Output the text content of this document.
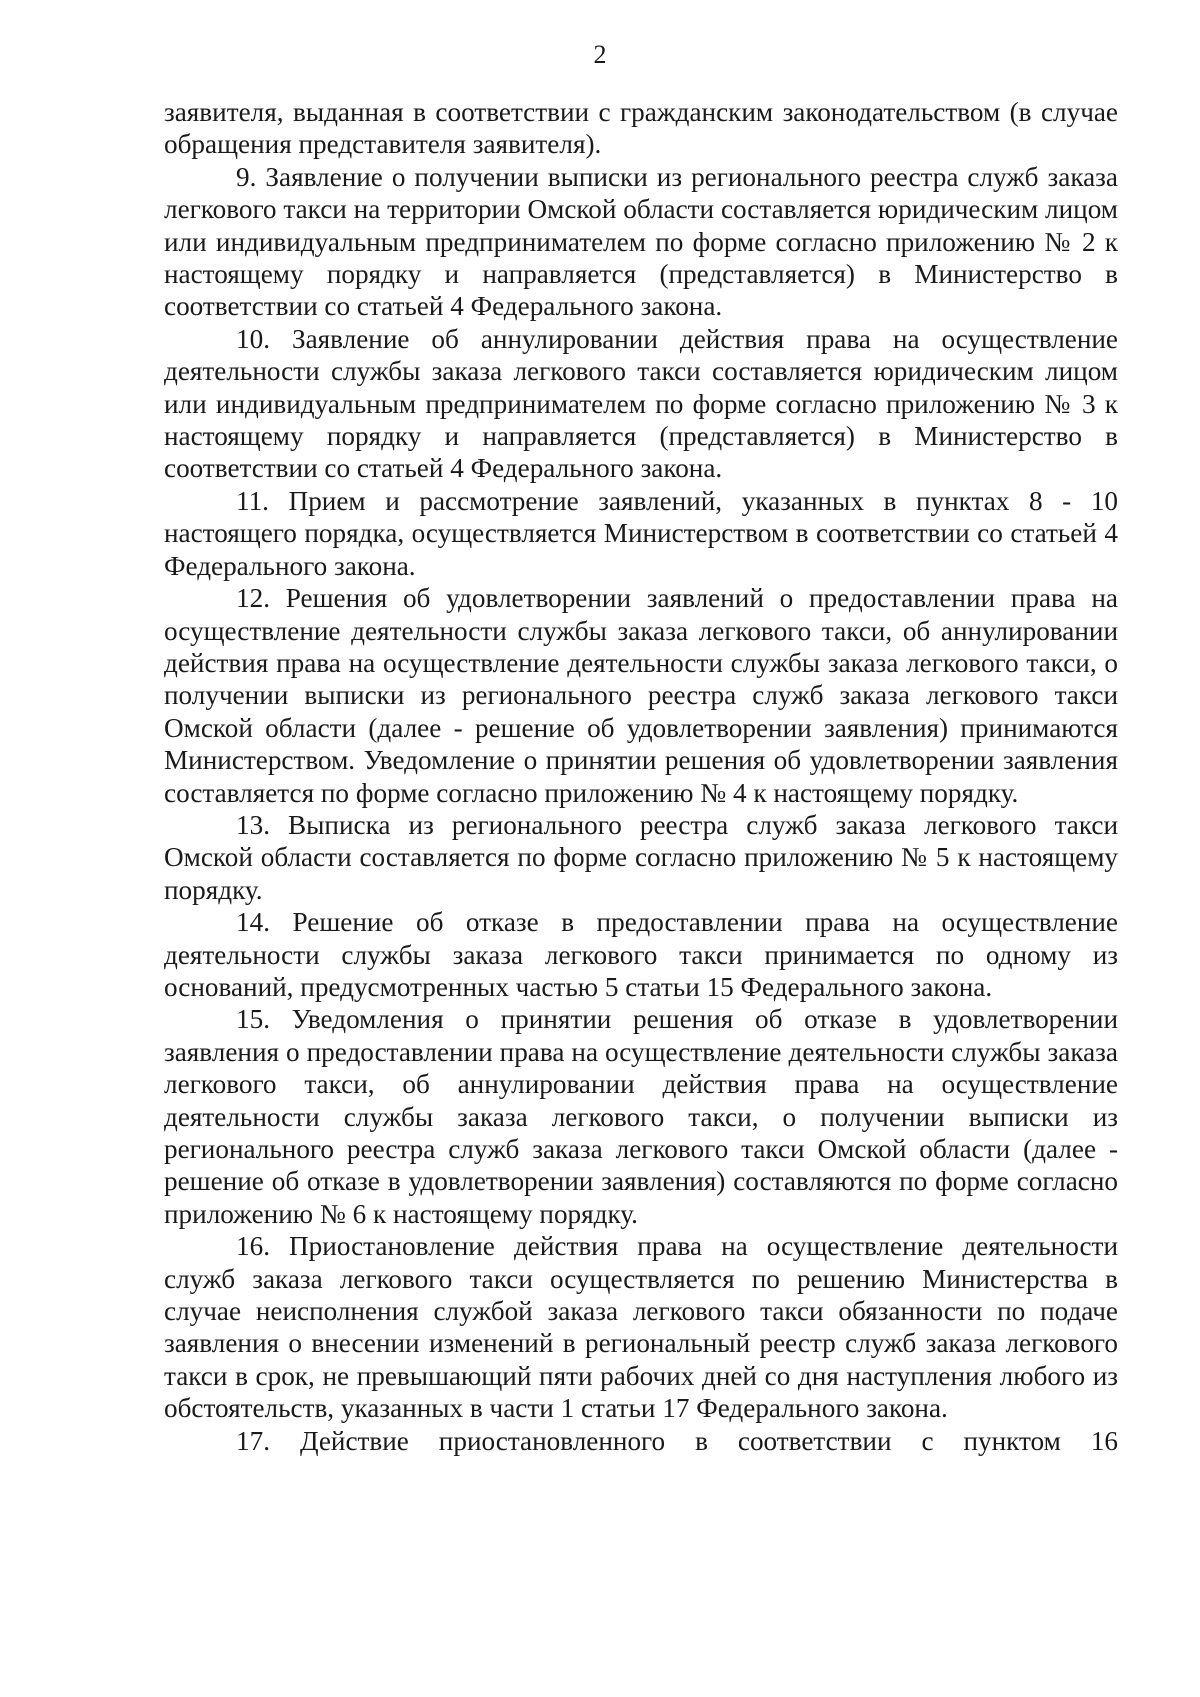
2

заявителя, выданная в соответствии с гражданским законодательством (в случае обращения представителя заявителя).

9. Заявление о получении выписки из регионального реестра служб заказа легкового такси на территории Омской области составляется юридическим лицом или индивидуальным предпринимателем по форме согласно приложению № 2 к настоящему порядку и направляется (представляется) в Министерство в соответствии со статьей 4 Федерального закона.

10. Заявление об аннулировании действия права на осуществление деятельности службы заказа легкового такси составляется юридическим лицом или индивидуальным предпринимателем по форме согласно приложению № 3 к настоящему порядку и направляется (представляется) в Министерство в соответствии со статьей 4 Федерального закона.

11. Прием и рассмотрение заявлений, указанных в пунктах 8 - 10 настоящего порядка, осуществляется Министерством в соответствии со статьей 4 Федерального закона.

12. Решения об удовлетворении заявлений о предоставлении права на осуществление деятельности службы заказа легкового такси, об аннулировании действия права на осуществление деятельности службы заказа легкового такси, о получении выписки из регионального реестра служб заказа легкового такси Омской области (далее - решение об удовлетворении заявления) принимаются Министерством. Уведомление о принятии решения об удовлетворении заявления составляется по форме согласно приложению № 4 к настоящему порядку.

13. Выписка из регионального реестра служб заказа легкового такси Омской области составляется по форме согласно приложению № 5 к настоящему порядку.

14. Решение об отказе в предоставлении права на осуществление деятельности службы заказа легкового такси принимается по одному из оснований, предусмотренных частью 5 статьи 15 Федерального закона.

15. Уведомления о принятии решения об отказе в удовлетворении заявления о предоставлении права на осуществление деятельности службы заказа легкового такси, об аннулировании действия права на осуществление деятельности службы заказа легкового такси, о получении выписки из регионального реестра служб заказа легкового такси Омской области (далее - решение об отказе в удовлетворении заявления) составляются по форме согласно приложению № 6 к настоящему порядку.

16. Приостановление действия права на осуществление деятельности служб заказа легкового такси осуществляется по решению Министерства в случае неисполнения службой заказа легкового такси обязанности по подаче заявления о внесении изменений в региональный реестр служб заказа легкового такси в срок, не превышающий пяти рабочих дней со дня наступления любого из обстоятельств, указанных в части 1 статьи 17 Федерального закона.

17. Действие приостановленного в соответствии с пунктом 16
